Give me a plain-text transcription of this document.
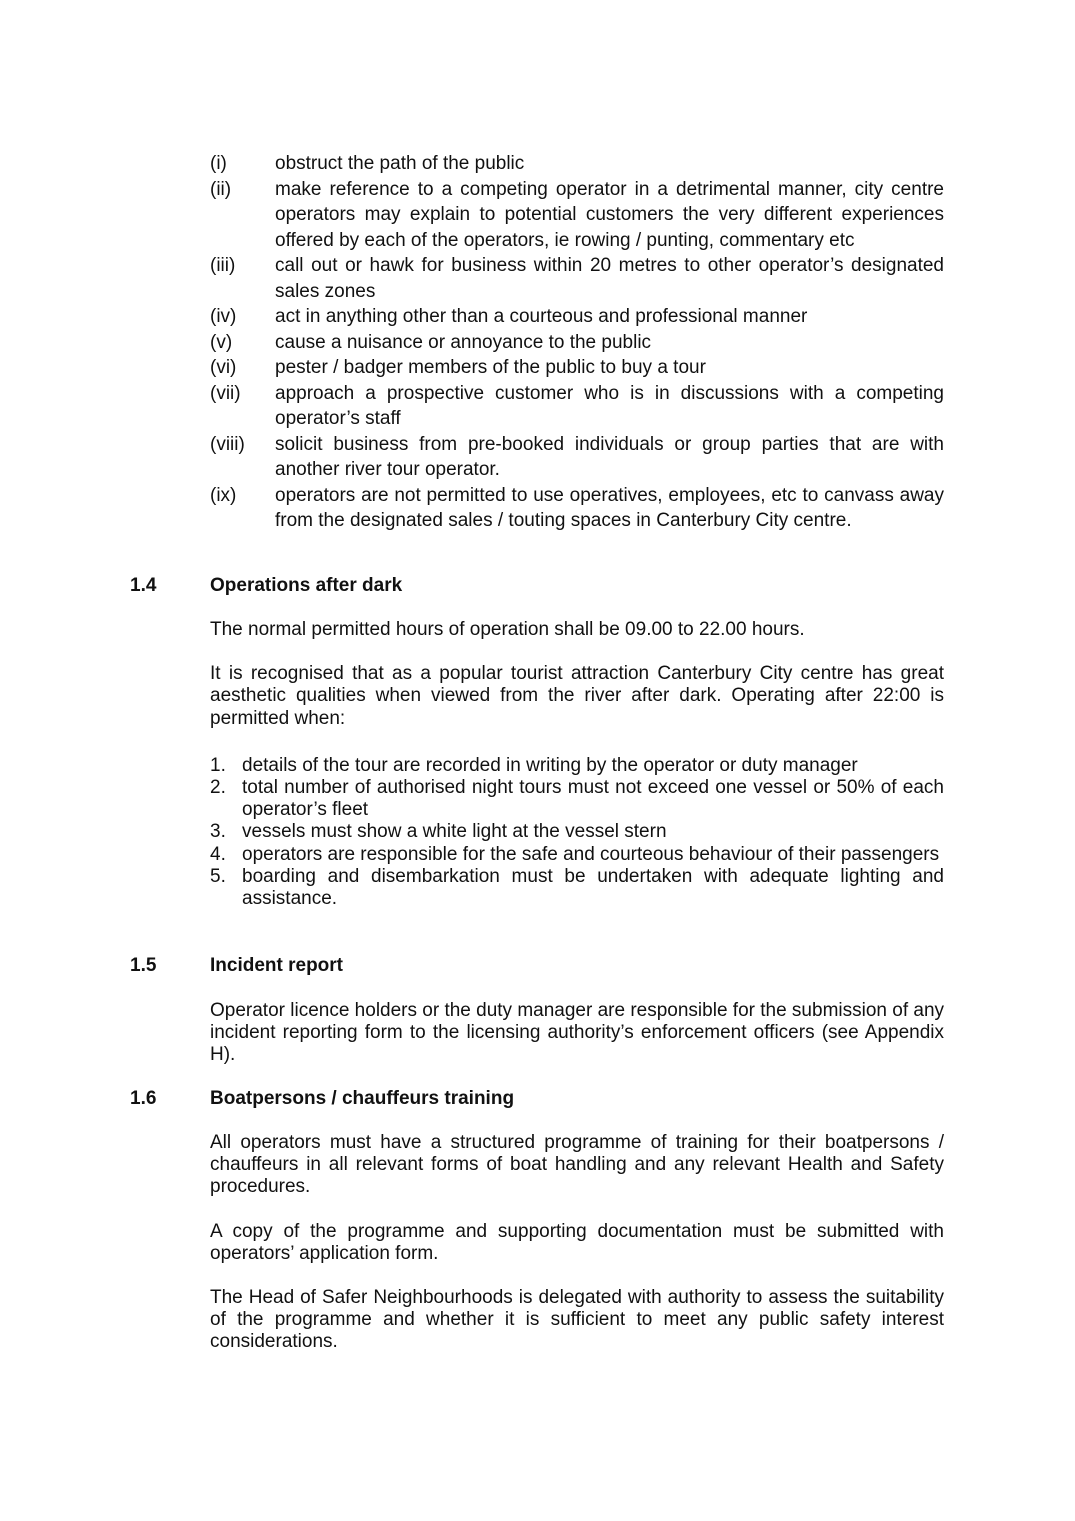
(i)	obstruct the path of the public
(ii)	make reference to a competing operator in a detrimental manner, city centre operators may explain to potential customers the very different experiences offered by each of the operators, ie rowing / punting, commentary etc
(iii)	call out or hawk for business within 20 metres to other operator’s designated sales zones
(iv)	act in anything other than a courteous and professional manner
(v)	cause a nuisance or annoyance to the public
(vi)	pester / badger members of the public to buy a tour
(vii)	approach a prospective customer who is in discussions with a competing operator’s staff
(viii)	solicit business from pre-booked individuals or group parties that are with another river tour operator.
(ix)	operators are not permitted to use operatives, employees, etc to canvass away from the designated sales / touting spaces in Canterbury City centre.
1.4	Operations after dark

The normal permitted hours of operation shall be 09.00 to 22.00 hours.

It is recognised that as a popular tourist attraction Canterbury City centre has great aesthetic qualities when viewed from the river after dark. Operating after 22:00 is permitted when:

1. details of the tour are recorded in writing by the operator or duty manager
2. total number of authorised night tours must not exceed one vessel or 50% of each operator’s fleet
3. vessels must show a white light at the vessel stern
4. operators are responsible for the safe and courteous behaviour of their passengers
5. boarding and disembarkation must be undertaken with adequate lighting and assistance.
1.5	Incident report

Operator licence holders or the duty manager are responsible for the submission of any incident reporting form to the licensing authority’s enforcement officers (see Appendix H).

1.6	Boatpersons / chauffeurs training

All operators must have a structured programme of training for their boatpersons / chauffeurs in all relevant forms of boat handling and any relevant Health and Safety procedures.

A copy of the programme and supporting documentation must be submitted with operators’ application form.

The Head of Safer Neighbourhoods is delegated with authority to assess the suitability of the programme and whether it is sufficient to meet any public safety interest considerations.
